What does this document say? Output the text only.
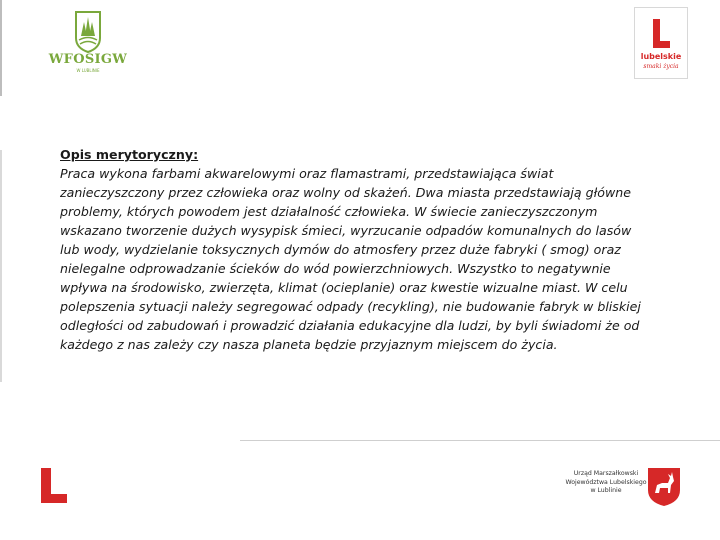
WFOŚIGW
W LUBLINIE
lubelskie
smaki życia
Opis merytoryczny:
Praca wykona farbami akwarelowymi oraz flamastrami, przedstawiająca świat
zanieczyszczony przez człowieka oraz wolny od skażeń. Dwa miasta przedstawiają główne
problemy, których powodem jest działalność człowieka. W świecie zanieczyszczonym
wskazano tworzenie dużych wysypisk śmieci, wyrzucanie odpadów komunalnych do lasów
lub wody, wydzielanie toksycznych dymów do atmosfery przez duże fabryki ( smog) oraz
nielegalne odprowadzanie ścieków do wód powierzchniowych. Wszystko to negatywnie
wpływa na środowisko, zwierzęta, klimat (ocieplanie) oraz kwestie wizualne miast. W celu
polepszenia sytuacji należy segregować odpady (recykling), nie budowanie fabryk w bliskiej
odległości od zabudowań i prowadzić działania edukacyjne dla ludzi, by byli świadomi że od
każdego z nas zależy czy nasza planeta będzie przyjaznym miejscem do życia.
Urząd Marszałkowski
Województwa Lubelskiego
w Lublinie
